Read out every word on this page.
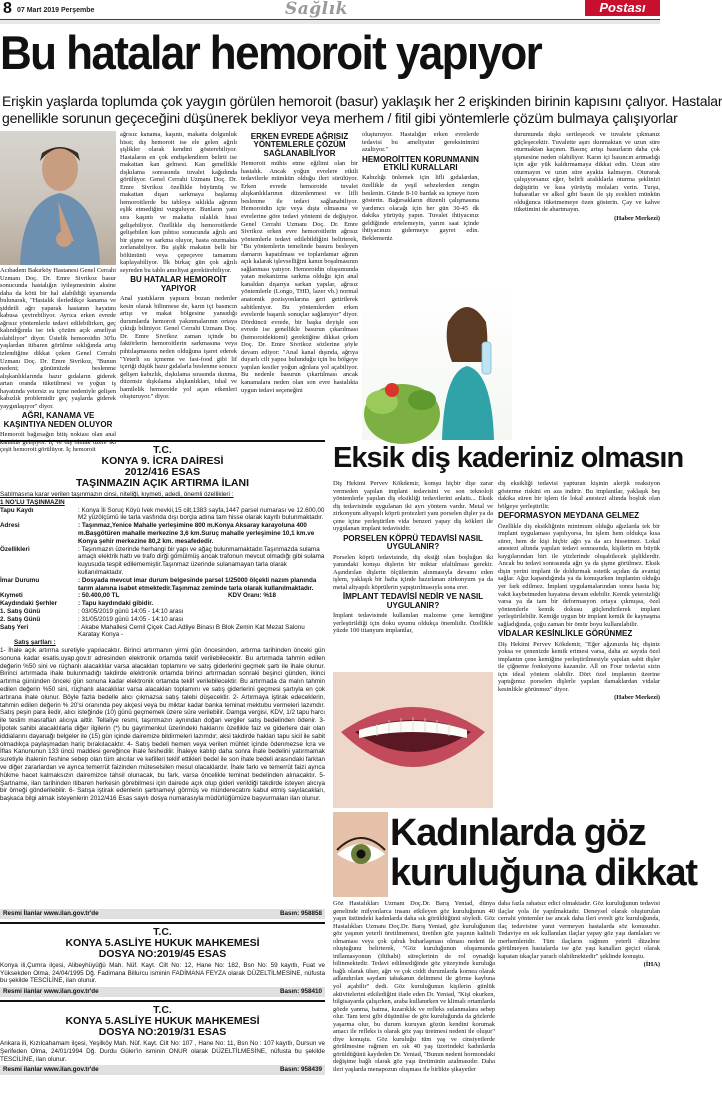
8 07 Mart 2019 Perşembe	Sağlık	Postası
Bu hatalar hemoroit yapıyor
Erişkin yaşlarda toplumda çok yaygın görülen hemoroit (basur) yaklaşık her 2 erişkinden birinin kapısını çalıyor. Hastalar
genellikle sorunun geçeceğini düşünerek bekliyor veya merhem / fitil gibi yöntemlerle çözüm bulmaya çalışıyorlar

Acıbadem Bakırköy Hastanesi Genel Cerrahi Uzmanı Doç. Dr. Emre Sivrikoz basur sonucunda hastalığın iyileşmesinin aksine daha da kötü bir hal alabildiği uyarısında bulunarak, "Hastalık ilerledikçe kanama ve şiddetli ağrı yaparak hastanın hayatını kabusa çevirebiliyor. Ayrıca erken evrede ağrısız yöntemlerle tedavi edilebilirken, geç kalındığında ise tek çözüm açık ameliyat olabiliyor" diyor. Üstelik hemoroidin 30'lu yaşlardan itibaren görülme sıklığında artış izlendiğine dikkat çeken Genel Cerrahi Uzmanı Doç. Dr. Emre Sivrikoz, "Bunun nedeni; günümüzde beslenme alışkanlıklarında hazır gıdaların giderek artan oranda tüketilmesi ve yoğun iş hayatında yetersiz su içme nedeniyle gelişen kabızlık problemidir geç yaşlarda giderek yaygınlaşıyor" diyor.

AĞRI, KANAMA VE KAŞINTIYA NEDEN OLUYOR

Hemoroit bağırsağın bitiş noktası olan anal kanalda gelişiyor. İç ve dış olmak üzere iki çeşit hemoroit görülüyor. İç hemoroit

ağrısız kanama, kaşıntı, makatta dolgunluk hissi; dış hemoroit ise ele gelen ağrılı şişlikler olarak kendini gösterebiliyor. Hastaların en çok endişelendiren belirti ise makattan kan gelmesi. Kan genellikle dışkılama sonrasında tuvalet kağıdında görülüyor. Genel Cerrahi Uzmanı Doç. Dr. Emre Sivrikoz özellikle büyümüş ve makattan dışarı sarkmaya başlamış hemoroitlerde bu tabloya sıklıkla ağrının eşlik etmediğini vurguluyor. Bunların yanı sıra kaşıntı ve makatta ıslaklık hissi gelişebiliyor. Özellikle dış hemoroitlerde gelişebilen kan pıhtısı sonucunda ağrılı ani bir şişme ve sarkma oluyor, hasta oturmakta zorlanabiliyor. Bu şişlik makatın belli bir bölümünü veya çepeçevre tamamını kaplayabiliyor. İlk birkaç gün çok ağrılı seyreden bu tablo ameliyat gerektirebiliyor.

BU HATALAR HEMOROİT YAPIYOR

Anal yastıkların yapısını bozan nedenler kesin olarak bilinmese de, karın içi basıncın artışı ve makat bölgesine yansıdığı durumlarda hemoroit yakınmalarının ortaya çıktığı biliniyor. Genel Cerrahi Uzmanı Doç. Dr. Emre Sivrikoz zaman içinde bu faktörlerin hemoroitlerin sarkmasına veya pıhtılaşmasına neden olduğuna işaret ederek "Yeterli su içmeme ve fast-food gibi lif içeriği düşük hazır gıdalarla beslenme sonucu gelişen kabızlık, dışkılama sırasında ıkınma, düzensiz dışkılama alışkanlıkları, ishal ve hamilelik hemoroide yol açan etkenleri oluşturuyor." diyor.

ERKEN EVREDE AĞRISIZ YÖNTEMLERLE ÇÖZÜM SAĞLANABİLİYOR

Hemoroit mühis etme eğilimi olan bir hastalık. Ancak yoğun evrelere etkili tedavilerle mümkün olduğu ileri sürülüyor. Erken evrede hemoroide tuvalet alışkanlıklarının düzenlenmesi ve lifli beslenme ile tedavi sağlanabiliyor. Hemoroidin içte veya dışta olmasına ve evrelerine göre tedavi yöntemi de değişiyor. Genel Cerrahi Uzmanı Doç. Dr. Emre Sivrikoz erken evre hemoroitlerin ağrısız yöntemlerle tedavi edilebildiğini belirterek, "Bu yöntemlerin temelinde basuru besleyen damarın kapatılması ve toplardamar ağının açık kalarak işlevselliğini kanın boşalmasının sağlanması yatıyor. Hemoroidin oluşumunda yatan mekanizma sarkma olduğu için anal kanaldan dışarıya sarkan yapılar, ağrısız yöntemlerle (Longo, THD, lazer vb.) normal anatomik pozisyonlarına geri getirilerek sabitleniyor. Bu yöntemlerden erken evrelerde başarılı sonuçlar sağlanıyor" diyor. Dördüncü evrede, bir başka deyişle son evrede ise genellikle basurun çıkarılması (hemoroidektomi) gerektiğine dikkat çeken Doç. Dr. Emre Sivrikoz sözlerine şöyle devam ediyor: "Anal kanal dışında, ağrıya duyarlı cilt yapısı bulunduğu için bu bölgeye yapılan kesiler yoğun ağrılara yol açabiliyor. Bu nedenle basurun çıkartılması ancak kanamalara neden olan son evre hastalıkta uygun tedavi seçeneğini

oluşturuyor. Hastalığın erken evrelerde tedavisi bu ameliyatın gereksinimini azaltıyor."

HEMOROİTTEN KORUNMANIN ETKİLİ KURALLARI

Kabızlığı önlemek için lifli gıdalardan, özellikle de yeşil sebzelerden zengin beslenin. Günde 8-10 bardak su içmeye özen gösterin. Bağırsakların düzenli çalışmasına yardımcı olacağı için her gün 30-45 dk dakika yürüyüş yapın. Tuvalet ihtiyacınız geldiğinde ertelemeyin, yarım saat içinde ihtiyacınızı gidermeye gayret edin. Beklemeniz

durumunda dışkı sertleşecek ve tuvalete çıkmanız güçleşecektir. Tuvalette aşırı ıkınmaktan ve uzun süre oturmaktan kaçının. Basınç artışı basurların daha çok şişmesine neden olabiliyor. Karın içi basıncın artmadığı için ağır yük kaldırmamaya dikkat edin. Uzun süre oturmayın ve uzun süre ayakta kalmayın. Oturarak çalışıyorsanız eğer, belirli aralıklarla oturma şeklinizi değiştirin ve kısa yürüyüş molaları verin. Turşu, baharatlar ve alkol gibi basın ile şiş ecekleri münkün olduğunca tüketmemeye özen gösterin. Çay ve kahve tüketimini de abartmayın.

(Haber Merkezi)

T.C.
KONYA 9. İCRA DAİRESİ
2012/416 ESAS
TAŞINMAZIN AÇIK ARTIRMA İLANI
Satılmasına karar verilen taşınmazın cinsi, niteliği, kıymeti, adedi, önemli özellikleri :
1 NO'LU TAŞINMAZIN
Tapu Kaydı	: Konya İli Soruç Köyü Ivek mevkii,15 cilt,1383 sayfa,1447 parsel numarası ve 12.600,00 M2 yüzölçümü ile tarla vasfında dışı borçla adına tam hisse olarak kayıtlı bulunmaktadır.
Adresi	: Taşınmaz,Yenice Mahalle yerleşimine 800 m.Konya Aksaray karayoluna 400 m.Başgötüren mahalle merkezine 3,6 km.Suruç mahalle yerleşimine 10,1 km.ve Konya şehir merkezine 80,2 km. mesafededir.
Özellikleri	: Taşınmazın üzerinde herhangi bir yapı ve ağaç bulunmamaktadır.Taşınmazda sulama amaçlı elektrik hattı ve trafo dirği gömülmüş ancak trafonun mevcut olmadığı gibi sulama kuyusuda tespit edilememiştir.Taşınmaz üzerinde sulanamayan tarla olarak kullanılmaktadır.
İmar Durumu	: Dosyada mevcut imar durum belgesinde parsel 1/25000 ölçekli nazım planında tarım alanına isabet etmektedir.Taşınmaz zeminde tarla olarak kullanılmaktadır.
Kıymeti	: 50.400,00 TL	KDV Oranı: %18
Kaydındaki Şerhler	: Tapu kaydındaki gibidir.
1. Satış Günü	: 03/05/2019 günü 14:05 - 14:10 arası
2. Satış Günü	: 31/05/2019 günü 14:05 - 14:10 arası
Satış Yeri	: Akabe Mahallesi Cemil Çiçek Cad.Adliye Binası B Blok Zemin Kat Mezat Salonu Karatay Konya -
Satış şartları :
1- İhale açık artırma suretiyle yapılacaktır. Birinci artırmanın yirmi gün öncesinden, artırma tarihinden önceki gün sonuna kadar esatis.uyap.gov.tr adresinden elektronik ortamda teklif verilebilecektir. Bu artırmada tahmin edilen değerin %50 sini ve rüçhanlı alacaklılar varsa alacakları toplamını ve satış giderlerini geçmek şartı ile ihale olunur. Birinci artırmada ihale bulunmadığı takdirde elektronik ortamda birinci artırmadan sonraki beşinci günden, ikinci artırma gününden önceki gün sonuna kadar elektronik ortamda teklif verilebilecektir. Bu artırmada da malın tahmin edilen değerin %50 sini, rüçhanlı alacaklılar varsa alacakları toplamını ve satış giderlerini geçmesi şartıyla en çok artırana ihale olunur. Böyle fazla bedelle alıcı çıkmazsa satış talebi düşecektir. 2- Artırmaya iştirak edeceklerin, tahmin edilen değerin % 20'si oranında pey akçesi veya bu miktar kadar banka teminat mektubu vermeleri lazımdır. Satış peşin para iledir, alıcı isteğinde (10) günü geçmemek üzere süre verilebilir. Damga vergisi, KDV, 1/2 tapu harcı ile teslim masrafları alıcıya aittir. Tellaliye resmi, taşınmazın aynından doğan vergiler satış bedelinden ödenir. 3- İpotek sahibi alacaklılarla diğer ilgilerin (*) bu gayrimenkul üzerindeki haklarını özellikle faiz ve giderlere dair olan iddialarını dayanağı belgeler ile (15) gün içinde dairemize bildirmeleri lazımdır; aksi takdirde hakları tapu sicil ile sabit olmadıkça paylaşmadan hariç bırakılacaktır. 4- Satış bedeli hemen veya verilen mühlet içinde ödenmezse İcra ve İflas Kanununun 133 üncü maddesi gereğince ihale feshedilir. İhaleye katılıp daha sonra ihale bedelini yatırmamak suretiyle ihalenin feshine sebep olan tüm alıcılar ve kefilleri teklif ettikleri bedel ile son ihale bedeli arasındaki farktan ve diğer zararlardan ve ayrıca temerrüt faizinden müteselsilen mesul olacaklardır. İhale farkı ve temerrüt faizi ayrıca hükme hacet kalmaksızın dairemizce tahsil olunacak, bu fark, varsa öncelikle teminat bedelinden alınacaktır. 5- Şartname, ilan tarihinden itibaren herkesin görebilmesi için dairede açık olup gideri verildiği takdirde isteyen alıcıya bir örneği gönderilebilir. 6- Satışa iştirak edenlerin şartnameyi görmüş ve münderecatını kabul etmiş sayılacakları, başkaca bilgi almak isteyenlerin 2012/416 Esas sayılı dosya numarasıyla müdürlüğümüze başvurmaları ilan olunur.
Resmi İlanlar www.ilan.gov.tr'de	Basın: 958858
T.C.
KONYA 5.ASLİYE HUKUK MAHKEMESİ
DOSYA NO:2019/45 ESAS
Konya ili,Çumra ilçesi, Alibeyhüyüğü Mah. Nüf. Kayt. Cilt No: 12, Hane No: 182, Bsn No: 59 kayıtlı, Fuat ve Yüksekden Olma, 24/04/1995 Dğ. Fadimana Billurcu isminin FADİMANA FEYZA olarak DÜZELTİLMESİNE, nüfusta bu şekilde TESCİLİNE, ilan olunur.
Resmi ilanlar www.ilan.gov.tr'de	Basın: 958410
T.C.
KONYA 5.ASLİYE HUKUK MAHKEMESİ
DOSYA NO:2019/31 ESAS
Ankara ili, Kızılcahamam ilçesi, Yeşilköy Mah. Nüf. Kayt. Cilt No: 107 , Hane No: 11, Bsn No : 107 kayıtlı, Dursun ve Şerifeden Olma, 24/01/1994 Dğ. Durdu Güler'in isminin ONUR olarak DÜZELTİLMESİNE, nüfusta bu şekilde TESCİLİNE, ilan olunur.
Resmi ilanlar www.ilan.gov.tr'de	Basın: 958439
Eksik diş kaderiniz olmasın

Diş Hekimi Pervev Kökdemir, komşu hiçbir dişe zarar vermeden yapılan implant tedavisini ve son teknoloji yöntemlerle yapılan diş eksikliği tedavilerini anlattı... Eksik diş tedavisinde uygulanan iki ayrı yöntem vardır. Metal ve zirkonyum altyapılı köprü protezleri yanı porselen dişler ya da çene içine yerleştirilen vida benzeri yapay diş kökleri ile uygulanan implant tedavisidir.

PORSELEN KÖPRÜ TEDAVİSİ NASIL UYGULANIR?

Porselen köprü tedavisinde, diş eksiği olan boşluğun iki yanındaki komşu dişlerin bir miktar ufaltılması gerekir. Aşındırılan dişlerin ölçülerinin alınmasıyla devamı eden işlem, yaklaşık bir hafta içinde hazırlanan zirkonyum ya da metal altyapılı köprülerin yapıştırılmasıyla sona erer.

İMPLANT TEDAVİSİ NEDİR VE NASIL UYGULANIR?

İmplant tedavisinde kullanılan malzeme çene kemiğine yerleştirildiği için doku uyumu oldukça önemlidir. Özellikle yüzde 100 titanyum implantlar,

diş eksikliği tedavisi yapturan kişinin alerjik reaksiyon gösterme riskini en aza indirir. Bu implantlar, yaklaşık beş dakika süren bir işlem ile lokal anestezi altında boşluk olan bölgeye yerleştirilir.

DEFORMASYON MEYDANA GELMEZ

Özellikle diş eksikliğinin minimum olduğu ağızlarda tek bir implant uygulaması yapılıyorsa, bu işlem hem oldukça kısa sürer, hem de kişi hiçbir ağrı ya da acı hissetmez. Lokal anestezi altında yapılan tedavi sonrasında, kişilerin en büyük kaygılarından biri ile yüzlerinde oluşabilecek şişliklerdir. Ancak bu tedavi sonrasında ağrı ya da şişme görülmez. Eksik dişin yerini implant ile doldurmak estetik açıdan da avantaj sağlar. Ağız kapandığında ya da konuşurken implantın olduğu yer fark edilmez. İmplant uygulamalarından sonra hasta hiç vakit kaybetmeden hayatına devam edebilir. Kemik yetersizliği varsa ya da tam bir deformasyon ortaya çıkmışsa, özel yöntemlerle kemik dokusu güçlendirilerek implant yerleştirilebilir. Kemiğe uygun bir implant kemik ile kaynaşma sağladığında, çoğu zaman bir ömür boyu kullanılabilir.

VİDALAR KESİNLİKLE GÖRÜNMEZ

Diş Hekimi Pervev Kökdemir, "Eğer ağzınızda hiç dişiniz yoksa ve çenenizde kemik erimesi varsa, daha az sayıda özel implantın çene kemiğine yerleştirilmesiyle yapılan sabit dişler ile çiğneme fonksiyonu kazanılır. All on Four tedavisi sizin için ideal yöntem olabilir. Dört özel implantın üzerine yaptığımız porselen dişlerle yapılan damaklardan vidalar kesinlikle görünmez" diyor.

(Haber Merkezi)

Kadınlarda göz
kuruluğuna dikkat

Göz Hastalıkları Uzmanı Doç.Dr. Barış Yeniad, dünya genelinde milyonlarca insanı etkileyen göz kuruluğunun 40 yaşın üstündeki kadınlarda daha sık görüldüğünü söyledi. Göz Hastalıkları Uzmanı Doç.Dr. Barış Yeniad, göz kuruluğunun göz yaşının yeterli üretilmemesi, üretilen göz yaşının kaliteli olmaması veya çok çabuk buharlaşması olması nedeni ile oluştuğunu belirterek, "Göz kuruluğunun oluşumunda inflamasyonun (iltihabi) süreçlerinin de rol oynadığı bilinmektedir. Tedavi edilmediğinde göz yüzeyinde kuruluğa bağlı olarak ülser, ağrı ve çok ciddi durumlarda kornea olarak adlandırılan saydam tabakanın delinmesi ile görme kaybına yol açabilir" dedi. Göz kuruluğunun kişilerin günlük aktivitelerini etkilediğini ifade eden Dr. Yeniad, "Kişi okurken, bilgisayarda çalışırken, araba kullanırken ve klimalı ortamlarda gözde yanma, batma, kızarıklık ve refleks sulanmalara sebep olur. Tam tersi gibi düşünülse de göz kuruluğunda da gözlerde yaşarma olur, bu durum kuruyan gözün kendini korumak amacı ile refleks is olarak göz yaşı üretmesi nedeni ile oluşur" diye konuştu. Göz kuruluğu tüm yaş ve cinsiyetlerde görülmesine rağmen en sık 40 yaş üzerindeki kadınlarda görüldüğünü kaydeden Dr. Yeniad, "Bunun nedeni hormondaki değişime bağlı olarak göz yaşı üretiminin azalmasıdır. Daha ileri yaşlarda menapozun oluşması ile birlikte şikayetler

daha fazla rahatsız edici olmaktadır. Göz kuruluğunun tedavisi ilaçlar yola ile yapılmaktadır. Deneysel olarak oluşturulan cerrahi yöntemler ise ancak daha ileri evreli göz kuruluğunda, ilaç tedavisine yanıt vermeyen hastalarda söz konusudur. Tedaviye en sık kullanılan ilaçlar yapay göz yaşı damlaları ve merhemleridir. Tüm ilaçların rağmen yeterli düzelme görülmeyen hastalarda ise göz yaşı kanalları geçici olarak kapatan tıkaçlar yararlı olabilmektedir" şeklinde konuştu.

(İHA)
